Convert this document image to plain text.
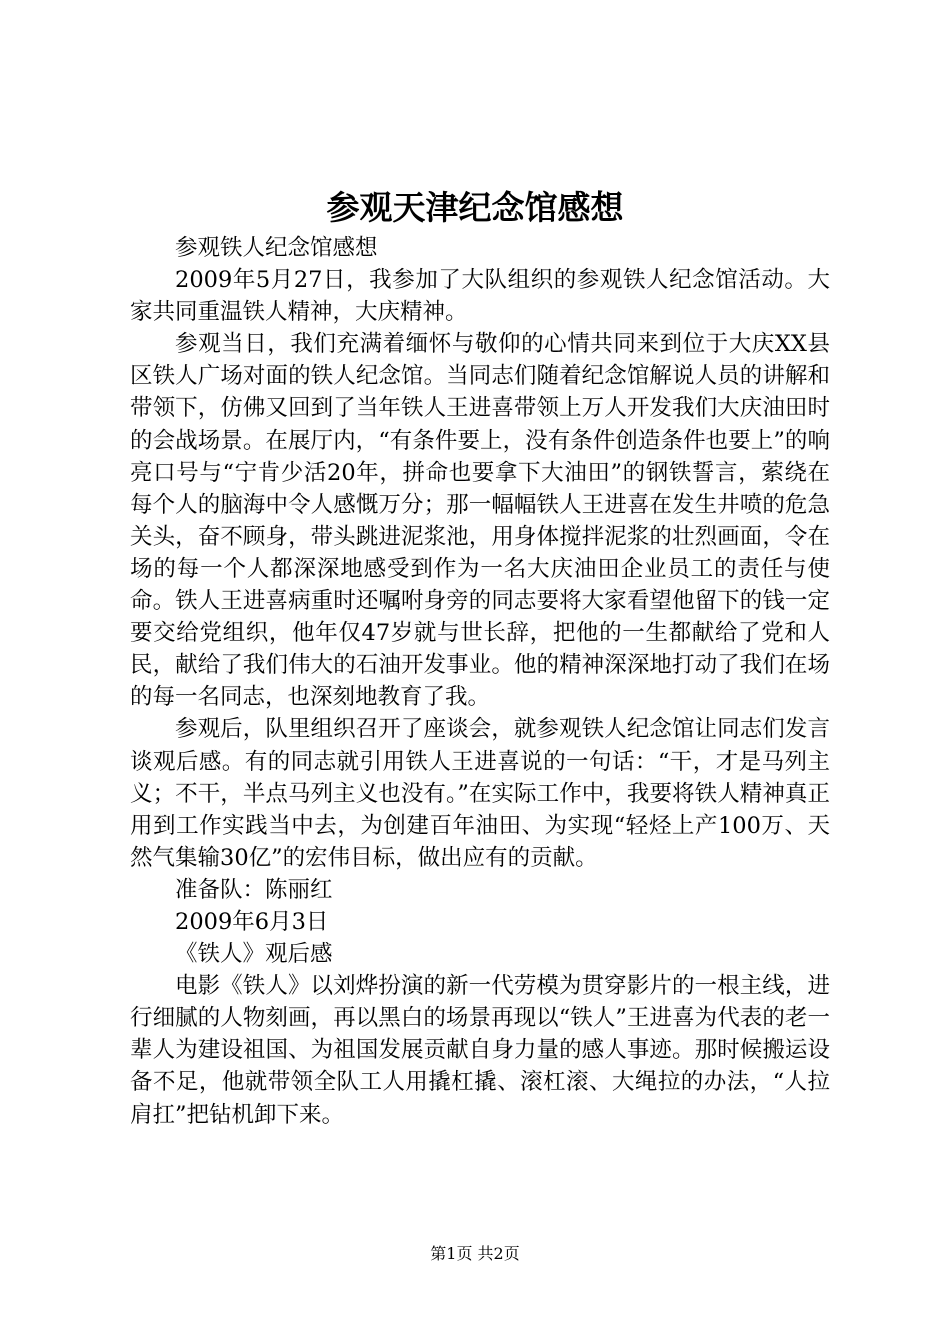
参观天津纪念馆感想

参观铁人纪念馆感想

2009年5月27日，我参加了大队组织的参观铁人纪念馆活动。大家共同重温铁人精神，大庆精神。

参观当日，我们充满着缅怀与敬仰的心情共同来到位于大庆XX县区铁人广场对面的铁人纪念馆。当同志们随着纪念馆解说人员的讲解和带领下，仿佛又回到了当年铁人王进喜带领上万人开发我们大庆油田时的会战场景。在展厅内，“有条件要上，没有条件创造条件也要上”的响亮口号与“宁肯少活20年，拼命也要拿下大油田”的钢铁誓言，萦绕在每个人的脑海中令人感慨万分；那一幅幅铁人王进喜在发生井喷的危急关头，奋不顾身，带头跳进泥浆池，用身体搅拌泥浆的壮烈画面，令在场的每一个人都深深地感受到作为一名大庆油田企业员工的责任与使命。铁人王进喜病重时还嘱咐身旁的同志要将大家看望他留下的钱一定要交给党组织，他年仅47岁就与世长辞，把他的一生都献给了党和人民，献给了我们伟大的石油开发事业。他的精神深深地打动了我们在场的每一名同志，也深刻地教育了我。

参观后，队里组织召开了座谈会，就参观铁人纪念馆让同志们发言谈观后感。有的同志就引用铁人王进喜说的一句话：“干，才是马列主义；不干，半点马列主义也没有。”在实际工作中，我要将铁人精神真正用到工作实践当中去，为创建百年油田、为实现“轻烃上产100万、天然气集输30亿”的宏伟目标，做出应有的贡献。

准备队：陈丽红

2009年6月3日

《铁人》观后感

电影《铁人》以刘烨扮演的新一代劳模为贯穿影片的一根主线，进行细腻的人物刻画，再以黑白的场景再现以“铁人”王进喜为代表的老一辈人为建设祖国、为祖国发展贡献自身力量的感人事迹。那时候搬运设备不足，他就带领全队工人用撬杠撬、滚杠滚、大绳拉的办法，“人拉肩扛”把钻机卸下来。

第1页 共2页
